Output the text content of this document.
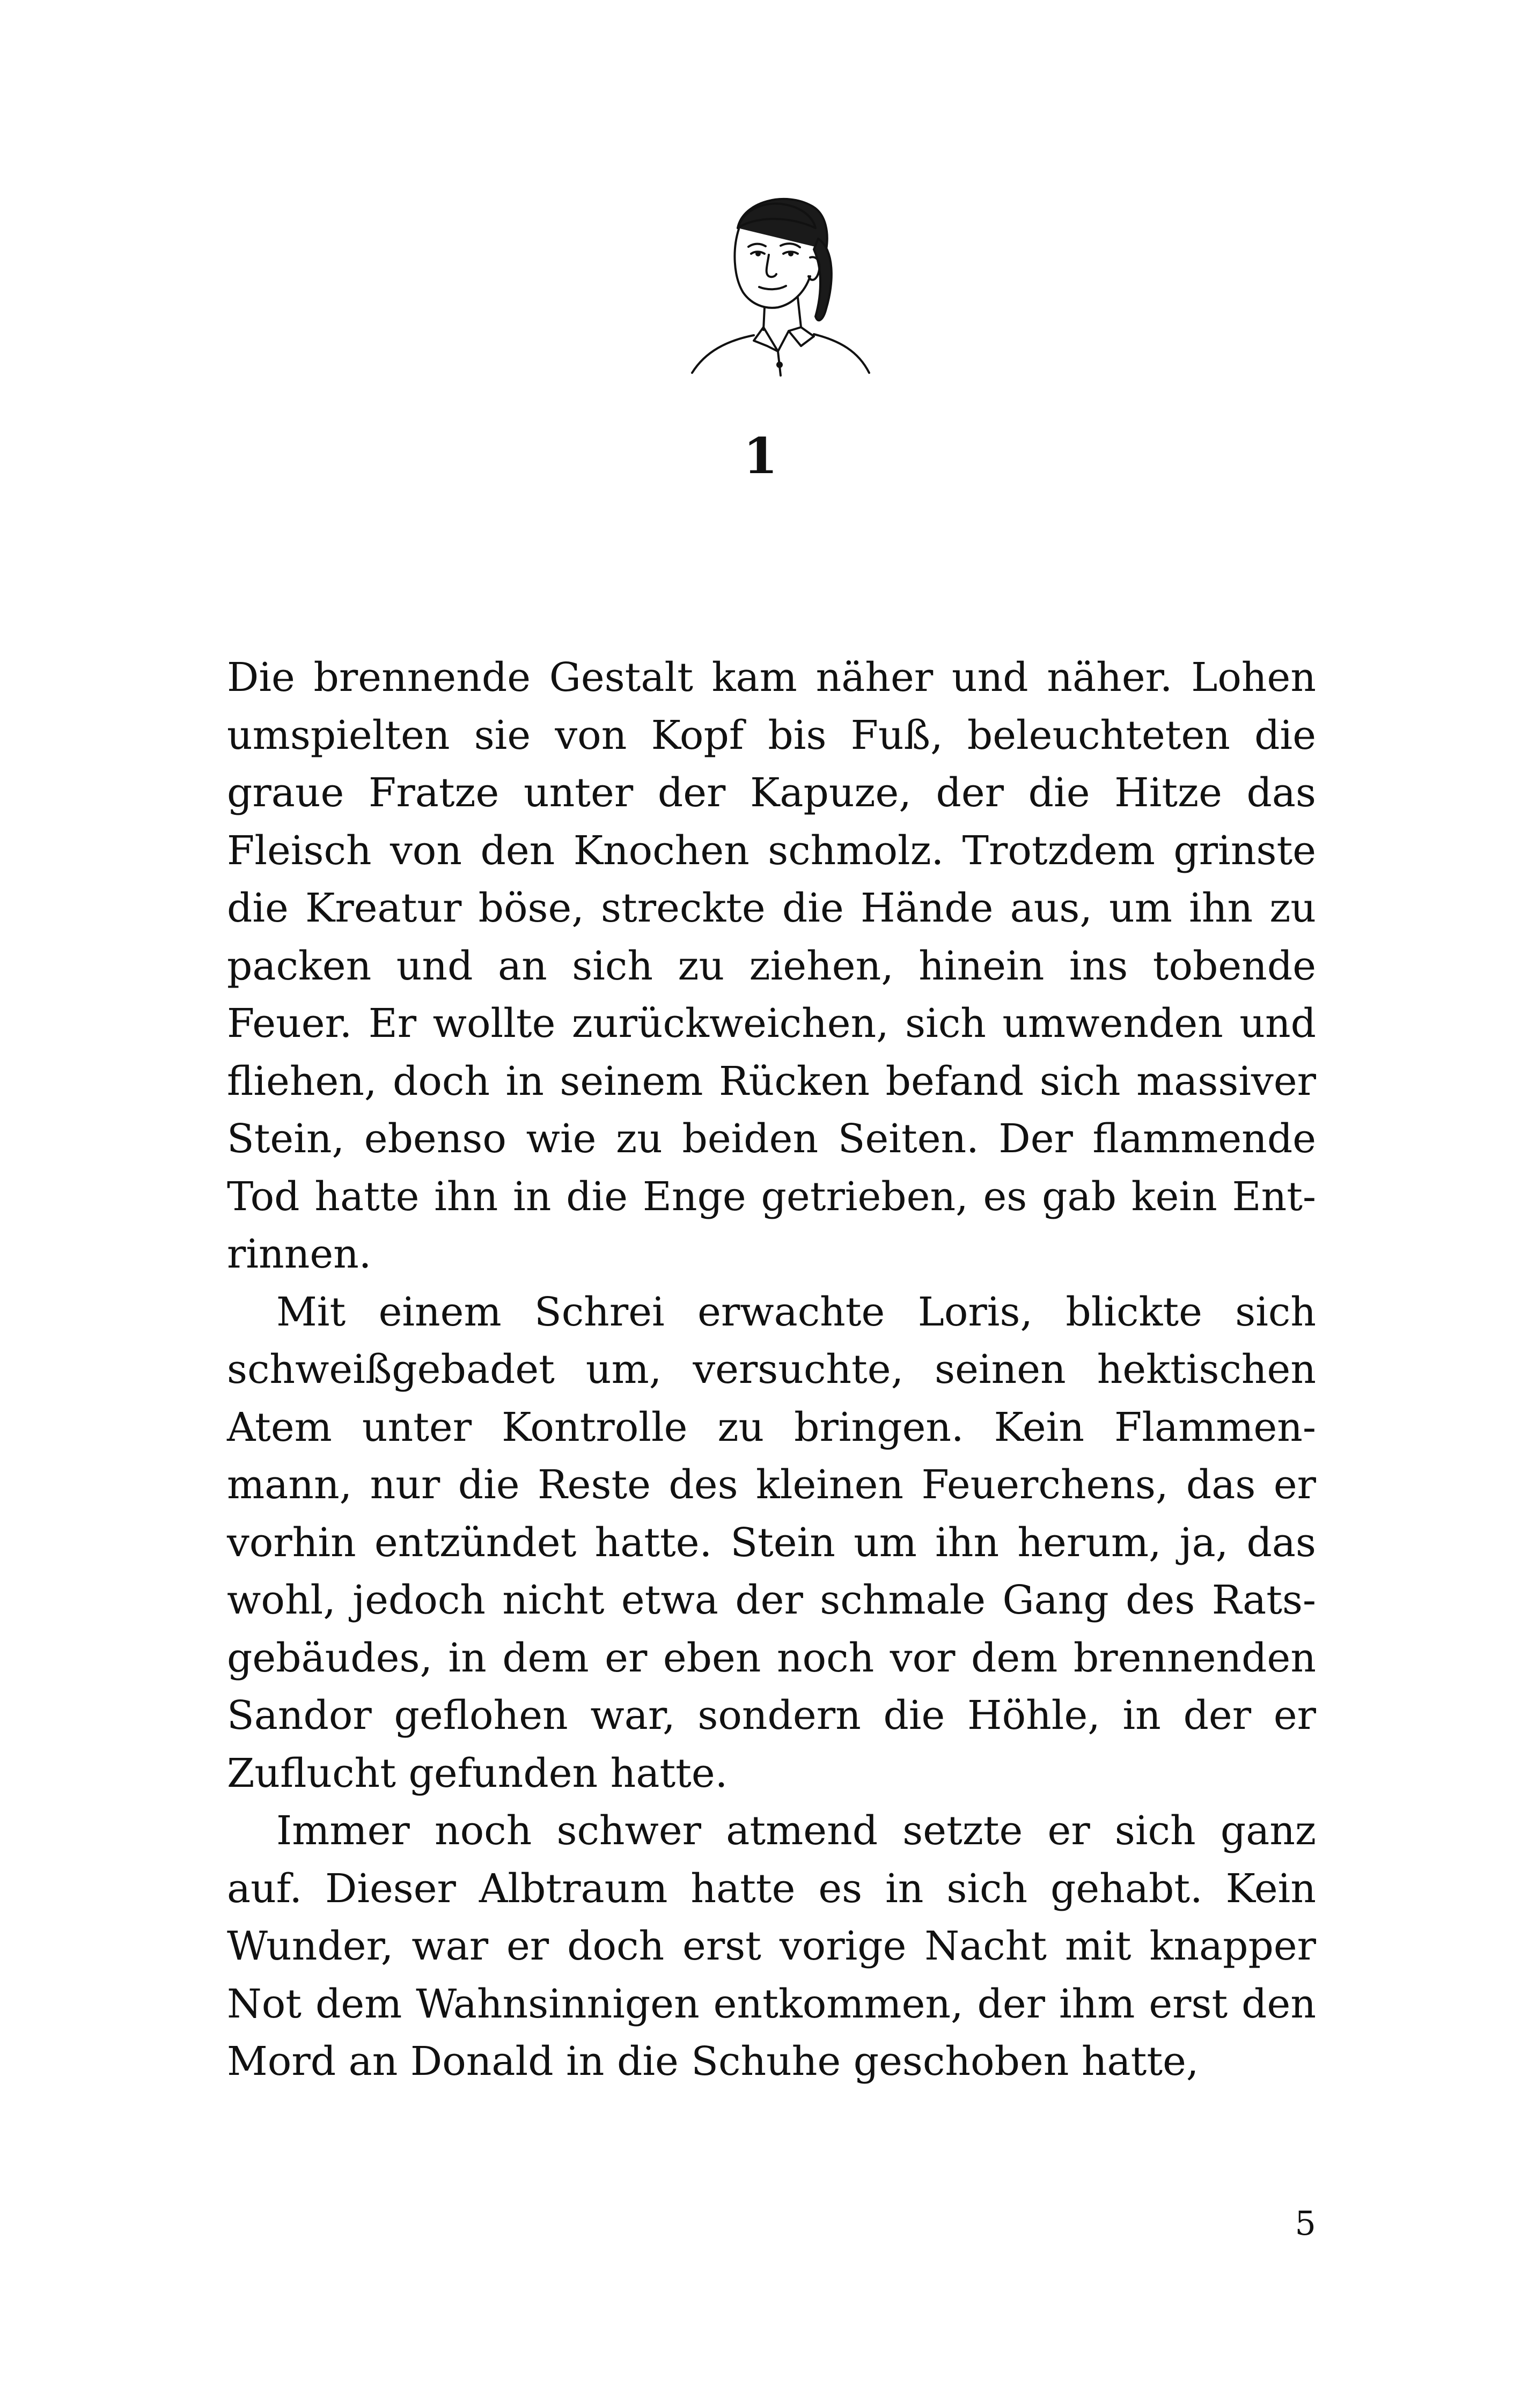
1

Die brennende Gestalt kam näher und näher. Lohen umspielten sie von Kopf bis Fuß, beleuchteten die graue Fratze unter der Kapuze, der die Hitze das Fleisch von den Knochen schmolz. Trotzdem grinste die Kreatur böse, streckte die Hände aus, um ihn zu packen und an sich zu ziehen, hinein ins tobende Feuer. Er wollte zurückweichen, sich umwenden und fliehen, doch in seinem Rücken befand sich massiver Stein, ebenso wie zu beiden Seiten. Der flammende Tod hatte ihn in die Enge getrieben, es gab kein Entrinnen.

Mit einem Schrei erwachte Loris, blickte sich schweißgebadet um, versuchte, seinen hektischen Atem unter Kontrolle zu bringen. Kein Flammenmann, nur die Reste des kleinen Feuerchens, das er vorhin entzündet hatte. Stein um ihn herum, ja, das wohl, jedoch nicht etwa der schmale Gang des Ratsgebäudes, in dem er eben noch vor dem brennenden Sandor geflohen war, sondern die Höhle, in der er Zuflucht gefunden hatte.

Immer noch schwer atmend setzte er sich ganz auf. Dieser Albtraum hatte es in sich gehabt. Kein Wunder, war er doch erst vorige Nacht mit knapper Not dem Wahnsinnigen entkommen, der ihm erst den Mord an Donald in die Schuhe geschoben hatte,

5
